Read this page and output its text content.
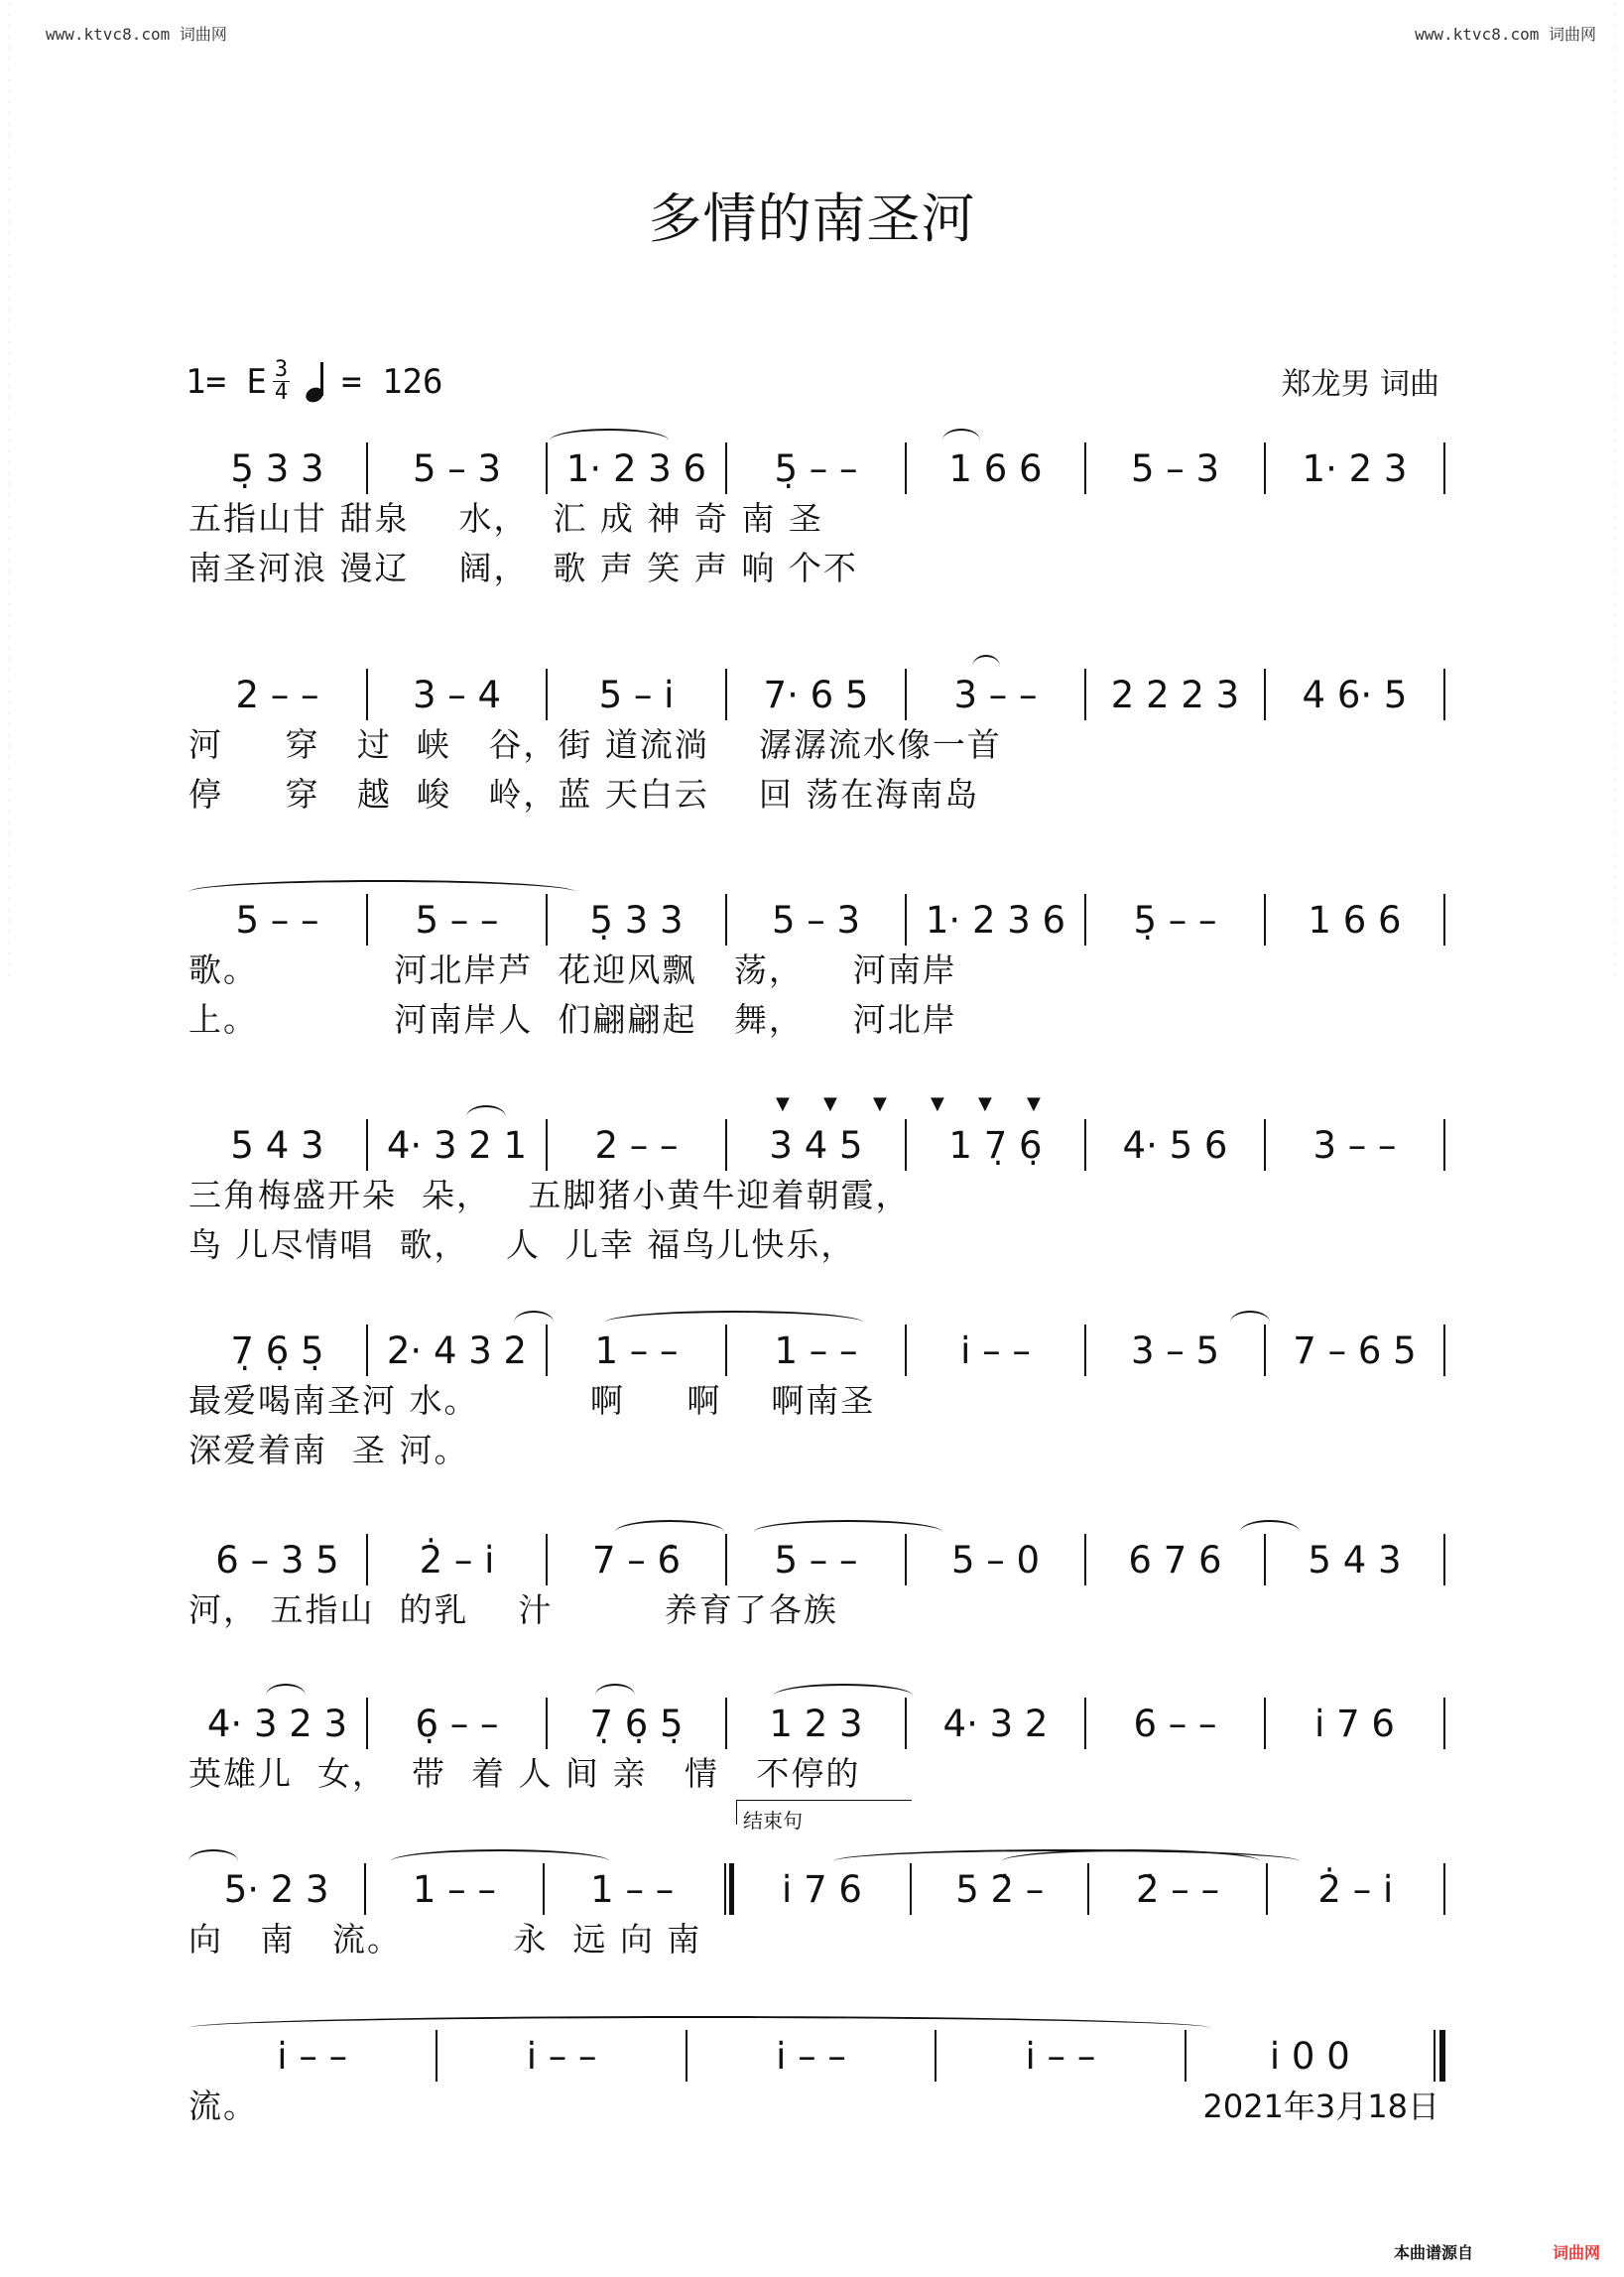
www.ktvc8.com 词曲网	www.ktvc8.com 词曲网
·
·
·
·
·
·
·
·
·
·
·
·
·
·
·
·
·
·
·
·
·
·
·
·
·
·
·
·
·
·
·
·
·
·
·
·
·
·
·
·
·
·
·
·
·
·
·
·
·
·
·
·
·
·
·
·
·
·
·
·
·
·
·
·
·
·
·
·
·
·
·
·
·
·
·
·
·
·
·
·
·
·
·
·
·
·
·
·
·
·
·
·
·
·
·
·
·
·
·
·
·
·
·
·
·
·
·
·
·
·
·
·
·
·
·
·
·
·
·
·
·
·
·
·
·
·
·
·
·
·
·
·
·
·
·
·
·
·
·
·
·
·
·
·
·
·
·
·
·
·
·
·
·
·
·
·
·
·
·
·
·
·
·
·
·
·
·
·
·
·
·
·
·
·
·
·
·
·
·
·
多情的南圣河
1= E $\frac{3}{4} = 126$	郑龙男 词曲
5̣ 3 3	5 – 3	1· 2 3 6	5̣ – –	1 6 6	5 – 3	1· 2 3
五指山甘 甜泉    水，  汇 成 神 奇 南 圣
南圣河浪 漫辽    阔，  歌 声 笑 声 响 个不
2 – –	3 – 4	5 – i̇	7· 6 5	3 – –	2 2 2 3	4 6· 5
河     穿   过  峡   谷，街 道流淌    潺潺流水像一首
停     穿   越  峻   岭，蓝 天白云    回 荡在海南岛
5 – –	5 – –	5̣ 3 3	5 – 3	1· 2 3 6	5̣ – –	1 6 6
歌。           河北岸芦  花迎风飘   荡，    河南岸
上。           河南岸人  们翩翩起   舞，    河北岸
5 4 3	4· 3 2 1	2 – –	3 4 5	1 7̣ 6̣	4· 5 6	3 – –
三角梅盛开朵  朵，   五脚猪小黄牛迎着朝霞，
鸟 儿尽情唱  歌，   人  儿幸 福鸟儿快乐，
▼ ▼ ▼ ▼ ▼ ▼
7̣ 6̣ 5̣	2· 4 3 2	1 – –	1 – –	i̇ – –	3 – 5	7 – 6 5
最爱喝南圣河 水。         啊     啊    啊南圣
深爱着南  圣 河。
6 – 3 5	2̇ – i̇	7 – 6̇	5 – –	5 – 0	6 7 6	5 4 3
河， 五指山  的乳    汁         养育了各族
4· 3 2 3	6̣ – –	7̣ 6̣ 5̣	1 2 3	4· 3 2	6 – –	i̇ 7 6
英雄儿  女，  带  着 人 间 亲   情   不停的
5· 2 3	1 – –	1 – –	i̇ 7 6	5 2̇ –	2̇ – –	2̇ – i̇
向   南   流。         永  远 向 南
结束句
i̇ – –	i̇ – –	i̇ – –	i̇ – –	i̇ 0 0
流。	2021年3月18日
本曲谱源自	词曲网
